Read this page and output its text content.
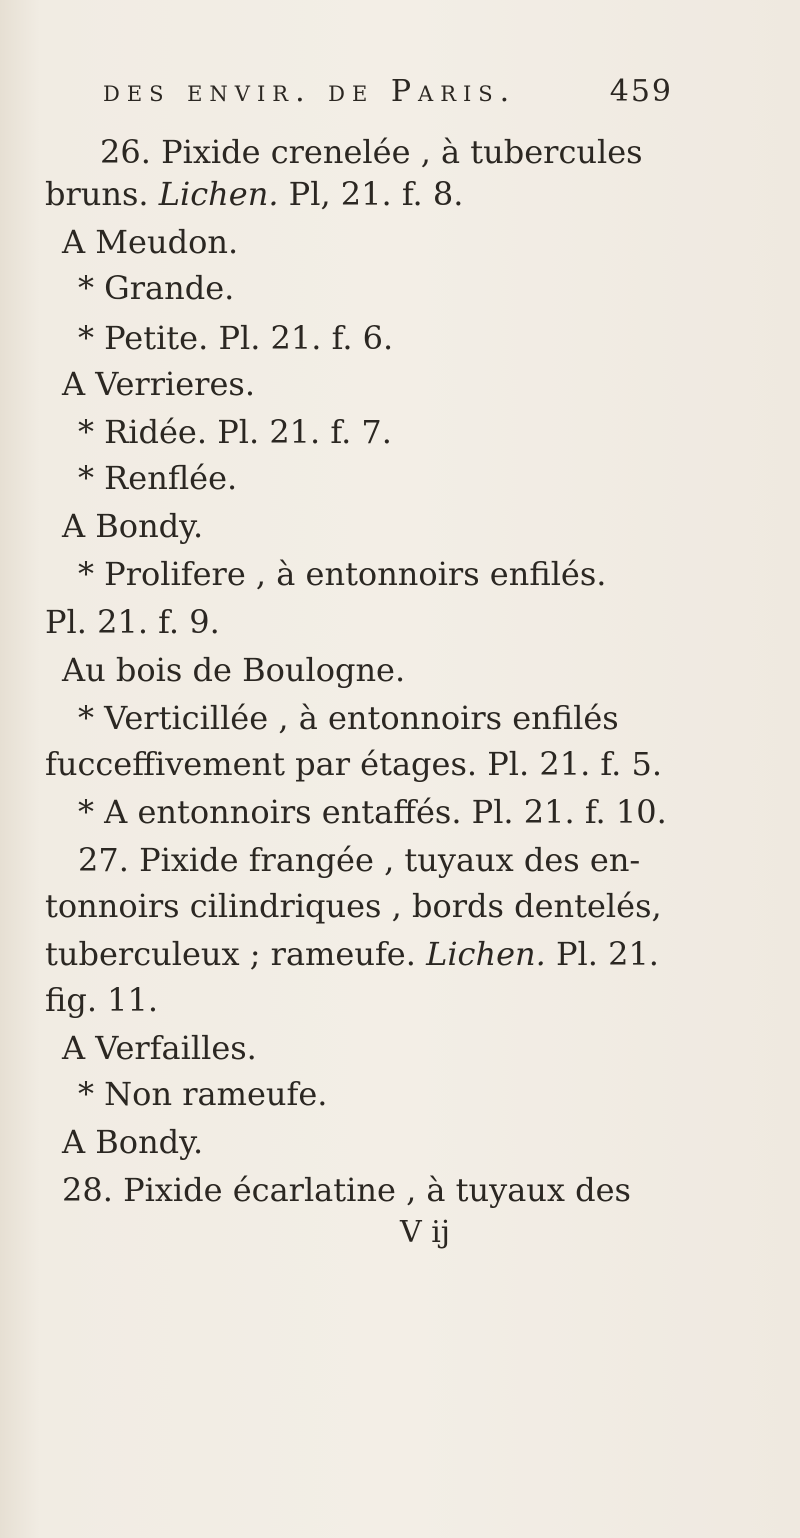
des envir. de Paris.	459
26. Pixide crenelée , à tubercules
bruns. Lichen. Pl, 21. f. 8.
A Meudon.
* Grande.
* Petite. Pl. 21. f. 6.
A Verrieres.
* Ridée. Pl. 21. f. 7.
* Renflée.
A Bondy.
* Prolifere , à entonnoirs enfilés.
Pl. 21. f. 9.
Au bois de Boulogne.
* Verticillée , à entonnoirs enfilés
fucceffivement par étages. Pl. 21. f. 5.
* A entonnoirs entaffés. Pl. 21. f. 10.
27. Pixide frangée , tuyaux des en-
tonnoirs cilindriques , bords dentelés,
tuberculeux ; rameufe. Lichen. Pl. 21.
fig. 11.
A Verfailles.
* Non rameufe.
A Bondy.
28. Pixide écarlatine , à tuyaux des
V ij
